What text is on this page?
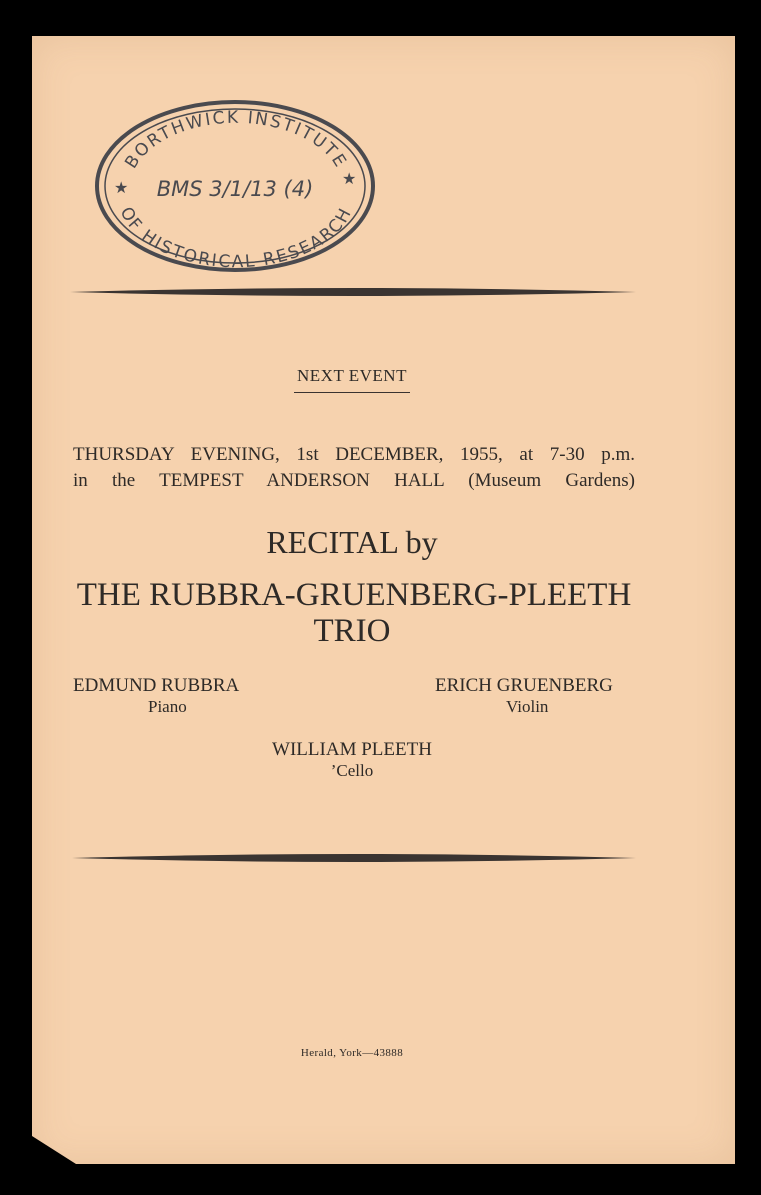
BORTHWICK INSTITUTE
OF HISTORICAL RESEARCH
★
★
BMS 3/1/13 (4)
NEXT EVENT
THURSDAY EVENING, 1st DECEMBER, 1955, at 7-30 p.m.
in the TEMPEST ANDERSON HALL (Museum Gardens)
RECITAL by
THE RUBBRA-GRUENBERG-PLEETH
TRIO
EDMUND RUBBRA
Piano
ERICH GRUENBERG
Violin
WILLIAM PLEETH
’Cello
Herald, York—43888
